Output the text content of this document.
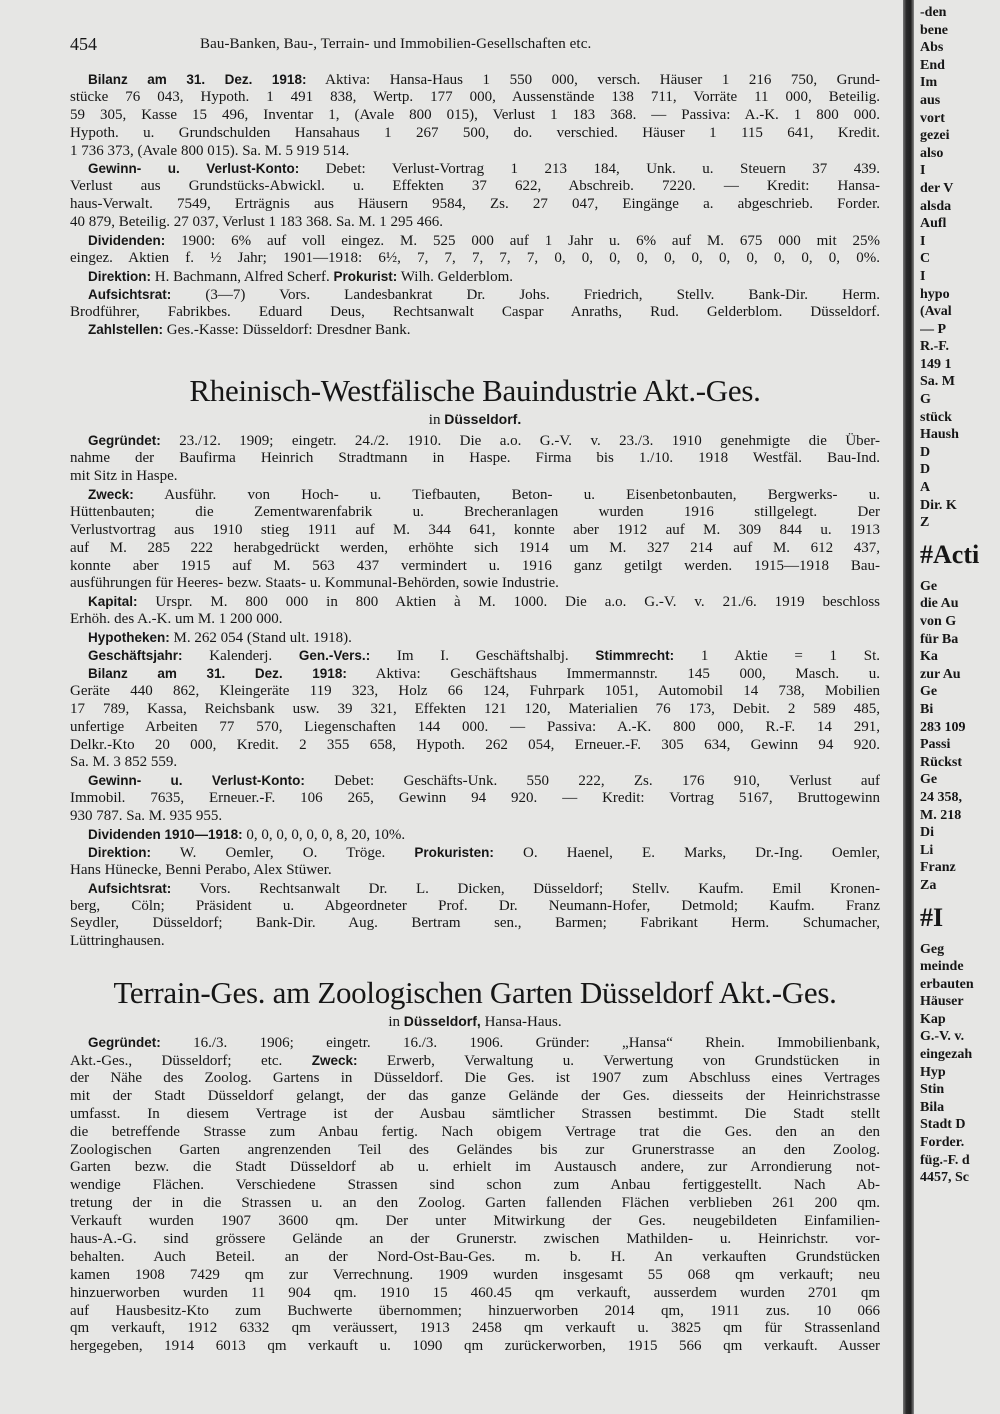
454	Bau-Banken, Bau-, Terrain- und Immobilien-Gesellschaften etc.
Bilanz am 31. Dez. 1918: Aktiva: Hansa-Haus 1 550 000, versch. Häuser 1 216 750, Grund-
stücke 76 043, Hypoth. 1 491 838, Wertp. 177 000, Aussenstände 138 711, Vorräte 11 000, Beteilig.
59 305, Kasse 15 496, Inventar 1, (Avale 800 015), Verlust 1 183 368. — Passiva: A.-K. 1 800 000.
Hypoth. u. Grundschulden Hansahaus 1 267 500, do. verschied. Häuser 1 115 641, Kredit.
1 736 373, (Avale 800 015). Sa. M. 5 919 514.
Gewinn- u. Verlust-Konto: Debet: Verlust-Vortrag 1 213 184, Unk. u. Steuern 37 439.
Verlust aus Grundstücks-Abwickl. u. Effekten 37 622, Abschreib. 7220. — Kredit: Hansa-
haus-Verwalt. 7549, Erträgnis aus Häusern 9584, Zs. 27 047, Eingänge a. abgeschrieb. Forder.
40 879, Beteilig. 27 037, Verlust 1 183 368. Sa. M. 1 295 466.
Dividenden: 1900: 6% auf voll eingez. M. 525 000 auf 1 Jahr u. 6% auf M. 675 000 mit 25%
eingez. Aktien f. ½ Jahr; 1901—1918: 6½, 7, 7, 7, 7, 7, 0, 0, 0, 0, 0, 0, 0, 0, 0, 0, 0, 0%.
Direktion: H. Bachmann, Alfred Scherf. Prokurist: Wilh. Gelderblom.
Aufsichtsrat: (3—7) Vors. Landesbankrat Dr. Johs. Friedrich, Stellv. Bank-Dir. Herm.
Brodführer, Fabrikbes. Eduard Deus, Rechtsanwalt Caspar Anraths, Rud. Gelderblom. Düsseldorf.
Zahlstellen: Ges.-Kasse: Düsseldorf: Dresdner Bank.
Rheinisch-Westfälische Bauindustrie Akt.-Ges.
in Düsseldorf.
Gegründet: 23./12. 1909; eingetr. 24./2. 1910. Die a.o. G.-V. v. 23./3. 1910 genehmigte die Über-
nahme der Baufirma Heinrich Stradtmann in Haspe. Firma bis 1./10. 1918 Westfäl. Bau-Ind.
mit Sitz in Haspe.
Zweck: Ausführ. von Hoch- u. Tiefbauten, Beton- u. Eisenbetonbauten, Bergwerks- u.
Hüttenbauten; die Zementwarenfabrik u. Brecheranlagen wurden 1916 stillgelegt. Der
Verlustvortrag aus 1910 stieg 1911 auf M. 344 641, konnte aber 1912 auf M. 309 844 u. 1913
auf M. 285 222 herabgedrückt werden, erhöhte sich 1914 um M. 327 214 auf M. 612 437,
konnte aber 1915 auf M. 563 437 vermindert u. 1916 ganz getilgt werden. 1915—1918 Bau-
ausführungen für Heeres- bezw. Staats- u. Kommunal-Behörden, sowie Industrie.
Kapital: Urspr. M. 800 000 in 800 Aktien à M. 1000. Die a.o. G.-V. v. 21./6. 1919 beschloss
Erhöh. des A.-K. um M. 1 200 000.
Hypotheken: M. 262 054 (Stand ult. 1918).
Geschäftsjahr: Kalenderj. Gen.-Vers.: Im I. Geschäftshalbj. Stimmrecht: 1 Aktie = 1 St.
Bilanz am 31. Dez. 1918: Aktiva: Geschäftshaus Immermannstr. 145 000, Masch. u.
Geräte 440 862, Kleingeräte 119 323, Holz 66 124, Fuhrpark 1051, Automobil 14 738, Mobilien
17 789, Kassa, Reichsbank usw. 39 321, Effekten 121 120, Materialien 76 173, Debit. 2 589 485,
unfertige Arbeiten 77 570, Liegenschaften 144 000. — Passiva: A.-K. 800 000, R.-F. 14 291,
Delkr.-Kto 20 000, Kredit. 2 355 658, Hypoth. 262 054, Erneuer.-F. 305 634, Gewinn 94 920.
Sa. M. 3 852 559.
Gewinn- u. Verlust-Konto: Debet: Geschäfts-Unk. 550 222, Zs. 176 910, Verlust auf
Immobil. 7635, Erneuer.-F. 106 265, Gewinn 94 920. — Kredit: Vortrag 5167, Bruttogewinn
930 787. Sa. M. 935 955.
Dividenden 1910—1918: 0, 0, 0, 0, 0, 0, 8, 20, 10%.
Direktion: W. Oemler, O. Tröge. Prokuristen: O. Haenel, E. Marks, Dr.-Ing. Oemler,
Hans Hünecke, Benni Perabo, Alex Stüwer.
Aufsichtsrat: Vors. Rechtsanwalt Dr. L. Dicken, Düsseldorf; Stellv. Kaufm. Emil Kronen-
berg, Cöln; Präsident u. Abgeordneter Prof. Dr. Neumann-Hofer, Detmold; Kaufm. Franz
Seydler, Düsseldorf; Bank-Dir. Aug. Bertram sen., Barmen; Fabrikant Herm. Schumacher,
Lüttringhausen.
Terrain-Ges. am Zoologischen Garten Düsseldorf Akt.-Ges.
in Düsseldorf, Hansa-Haus.
Gegründet: 16./3. 1906; eingetr. 16./3. 1906. Gründer: „Hansa“ Rhein. Immobilienbank,
Akt.-Ges., Düsseldorf; etc. Zweck: Erwerb, Verwaltung u. Verwertung von Grundstücken in
der Nähe des Zoolog. Gartens in Düsseldorf. Die Ges. ist 1907 zum Abschluss eines Vertrages
mit der Stadt Düsseldorf gelangt, der das ganze Gelände der Ges. diesseits der Heinrichstrasse
umfasst. In diesem Vertrage ist der Ausbau sämtlicher Strassen bestimmt. Die Stadt stellt
die betreffende Strasse zum Anbau fertig. Nach obigem Vertrage trat die Ges. den an den
Zoologischen Garten angrenzenden Teil des Geländes bis zur Grunerstrasse an den Zoolog.
Garten bezw. die Stadt Düsseldorf ab u. erhielt im Austausch andere, zur Arrondierung not-
wendige Flächen. Verschiedene Strassen sind schon zum Anbau fertiggestellt. Nach Ab-
tretung der in die Strassen u. an den Zoolog. Garten fallenden Flächen verblieben 261 200 qm.
Verkauft wurden 1907 3600 qm. Der unter Mitwirkung der Ges. neugebildeten Einfamilien-
haus-A.-G. sind grössere Gelände an der Grunerstr. zwischen Mathilden- u. Heinrichstr. vor-
behalten. Auch Beteil. an der Nord-Ost-Bau-Ges. m. b. H. An verkauften Grundstücken
kamen 1908 7429 qm zur Verrechnung. 1909 wurden insgesamt 55 068 qm verkauft; neu
hinzuerworben wurden 11 904 qm. 1910 15 460.45 qm verkauft, ausserdem wurden 2701 qm
auf Hausbesitz-Kto zum Buchwerte übernommen; hinzuerworben 2014 qm, 1911 zus. 10 066
qm verkauft, 1912 6332 qm veräussert, 1913 2458 qm verkauft u. 3825 qm für Strassenland
hergegeben, 1914 6013 qm verkauft u. 1090 qm zurückerworben, 1915 566 qm verkauft. Ausser
-den
bene
Abs
End
Im
aus
vort
gezei
also
I
der V
alsda
Aufl
I
C
I
hypo
(Aval
— P
R.-F.
149 1
Sa. M
G
stück
Haush
D
D
A
Dir. K
Z
#Acti
Ge
die Au
von G
für Ba
Ka
zur Au
Ge
Bi
283 109
Passi
Rückst
Ge
24 358,
M. 218
Di
Li
Franz
Za
#I
Geg
meinde
erbauten
Häuser
Kap
G.-V. v.
eingezah
Hyp
Stin
Bila
Stadt D
Forder.
füg.-F. d
4457, Sc
